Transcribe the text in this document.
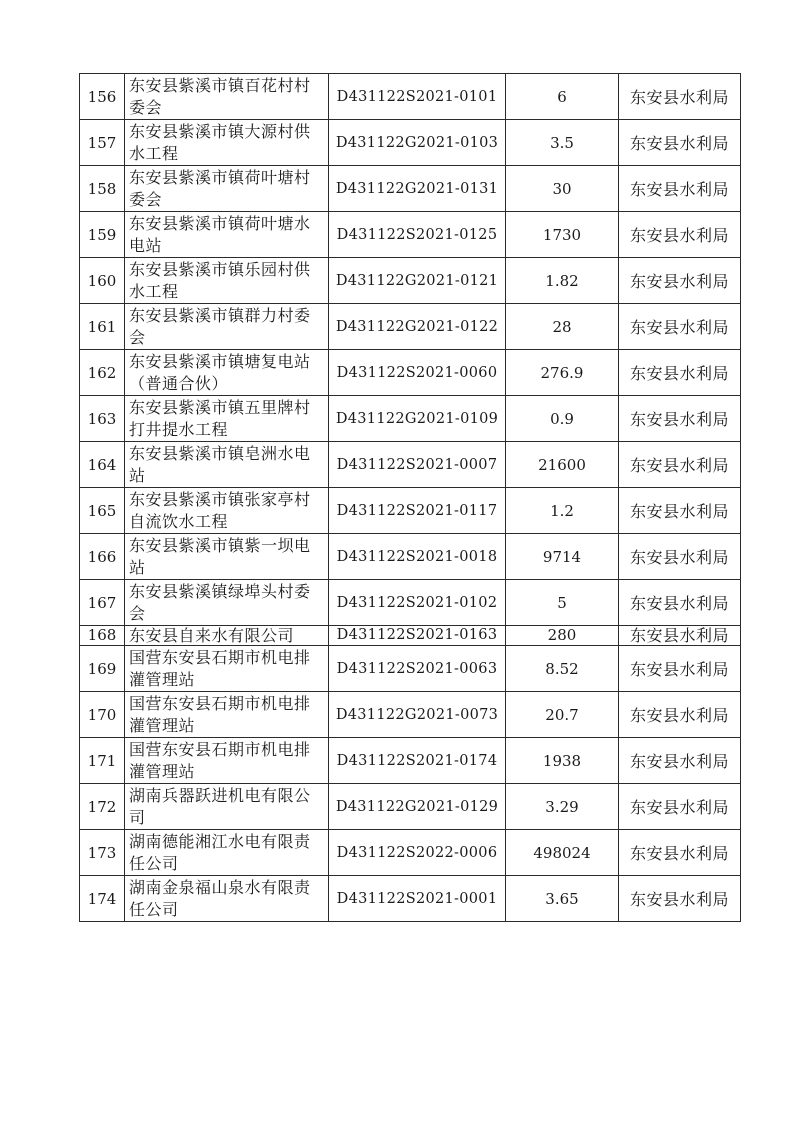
156	东安县紫溪市镇百花村村委会	D431122S2021-0101	6	东安县水利局
157	东安县紫溪市镇大源村供水工程	D431122G2021-0103	3.5	东安县水利局
158	东安县紫溪市镇荷叶塘村委会	D431122G2021-0131	30	东安县水利局
159	东安县紫溪市镇荷叶塘水电站	D431122S2021-0125	1730	东安县水利局
160	东安县紫溪市镇乐园村供水工程	D431122G2021-0121	1.82	东安县水利局
161	东安县紫溪市镇群力村委会	D431122G2021-0122	28	东安县水利局
162	东安县紫溪市镇塘复电站（普通合伙）	D431122S2021-0060	276.9	东安县水利局
163	东安县紫溪市镇五里牌村打井提水工程	D431122G2021-0109	0.9	东安县水利局
164	东安县紫溪市镇皂洲水电站	D431122S2021-0007	21600	东安县水利局
165	东安县紫溪市镇张家亭村自流饮水工程	D431122S2021-0117	1.2	东安县水利局
166	东安县紫溪市镇紫一坝电站	D431122S2021-0018	9714	东安县水利局
167	东安县紫溪镇绿埠头村委会	D431122S2021-0102	5	东安县水利局
168	东安县自来水有限公司	D431122S2021-0163	280	东安县水利局
169	国营东安县石期市机电排灌管理站	D431122S2021-0063	8.52	东安县水利局
170	国营东安县石期市机电排灌管理站	D431122G2021-0073	20.7	东安县水利局
171	国营东安县石期市机电排灌管理站	D431122S2021-0174	1938	东安县水利局
172	湖南兵器跃进机电有限公司	D431122G2021-0129	3.29	东安县水利局
173	湖南德能湘江水电有限责任公司	D431122S2022-0006	498024	东安县水利局
174	湖南金泉福山泉水有限责任公司	D431122S2021-0001	3.65	东安县水利局
